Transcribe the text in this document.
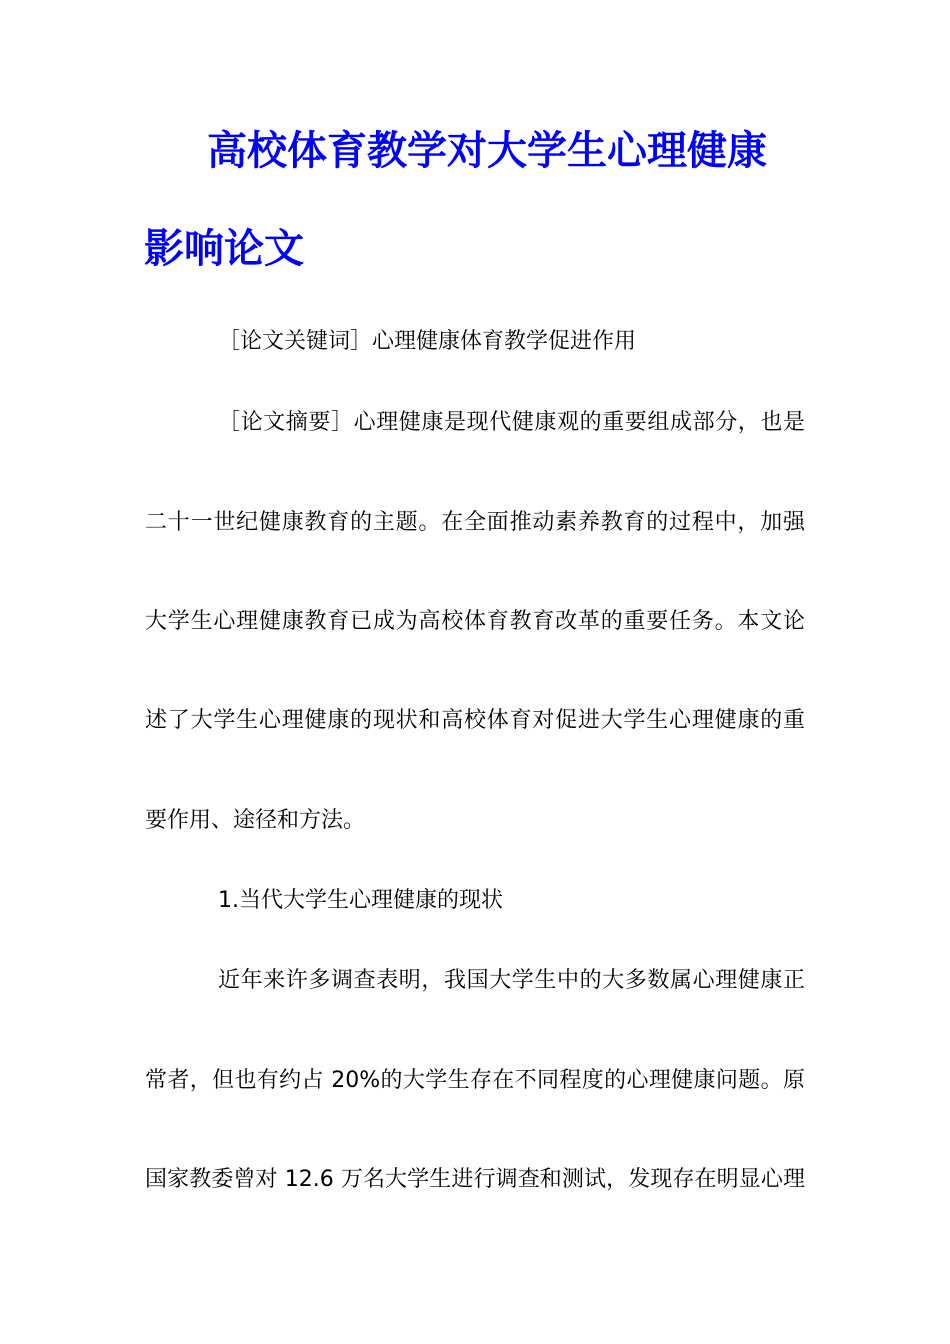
高校体育教学对大学生心理健康
影响论文
［论文关键词］心理健康体育教学促进作用
［论文摘要］心理健康是现代健康观的重要组成部分，也是
二十一世纪健康教育的主题。在全面推动素养教育的过程中，加强
大学生心理健康教育已成为高校体育教育改革的重要任务。本文论
述了大学生心理健康的现状和高校体育对促进大学生心理健康的重
要作用、途径和方法。
1.当代大学生心理健康的现状
近年来许多调查表明，我国大学生中的大多数属心理健康正
常者，但也有约占 20%的大学生存在不同程度的心理健康问题。原
国家教委曾对 12.6 万名大学生进行调查和测试，发现存在明显心理
